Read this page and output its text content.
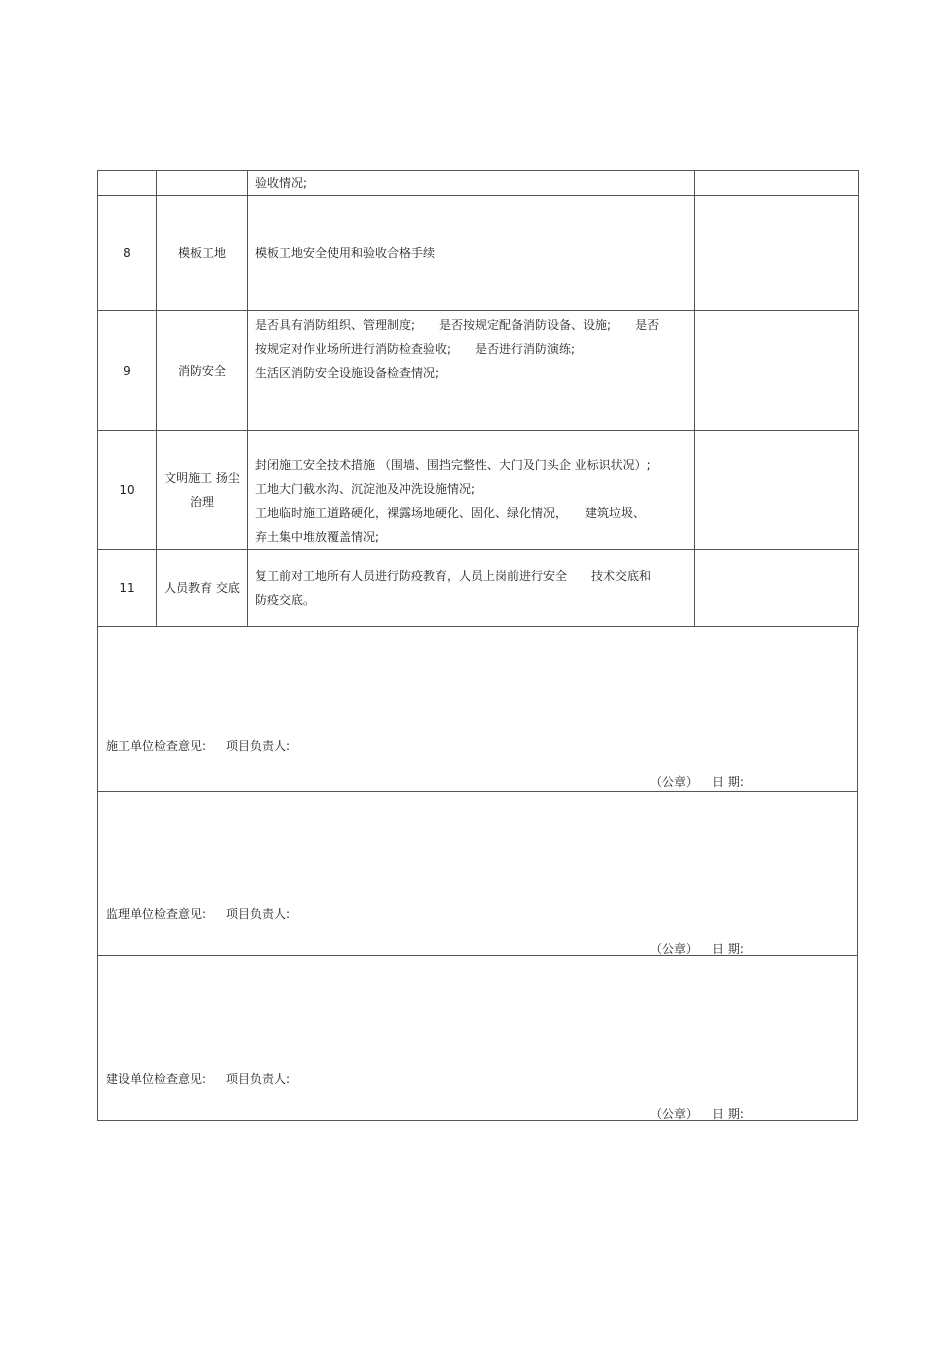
		验收情况;	

8	模板工地	模板工地安全使用和验收合格手续	

9	消防安全	是否具有消防组织、管理制度;　　是否按规定配备消防设备、设施;　　是否
按规定对作业场所进行消防检查验收;　　是否进行消防演练;
生活区消防安全设施设备检查情况;	

10	文明施工 扬尘治理	封闭施工安全技术措施 （围墙、围挡完整性、大门及门头企 业标识状况）;
工地大门截水沟、沉淀池及冲洗设施情况;
工地临时施工道路硬化，裸露场地硬化、固化、绿化情况，　　建筑垃圾、
弃土集中堆放覆盖情况;	

11	人员教育 交底	复工前对工地所有人员进行防疫教育，人员上岗前进行安全　　技术交底和
防疫交底。	

施工单位检查意见: 项目负责人:
（公章） 日 期:
监理单位检查意见: 项目负责人:
（公章） 日 期:
建设单位检查意见: 项目负责人:
（公章） 日 期:
